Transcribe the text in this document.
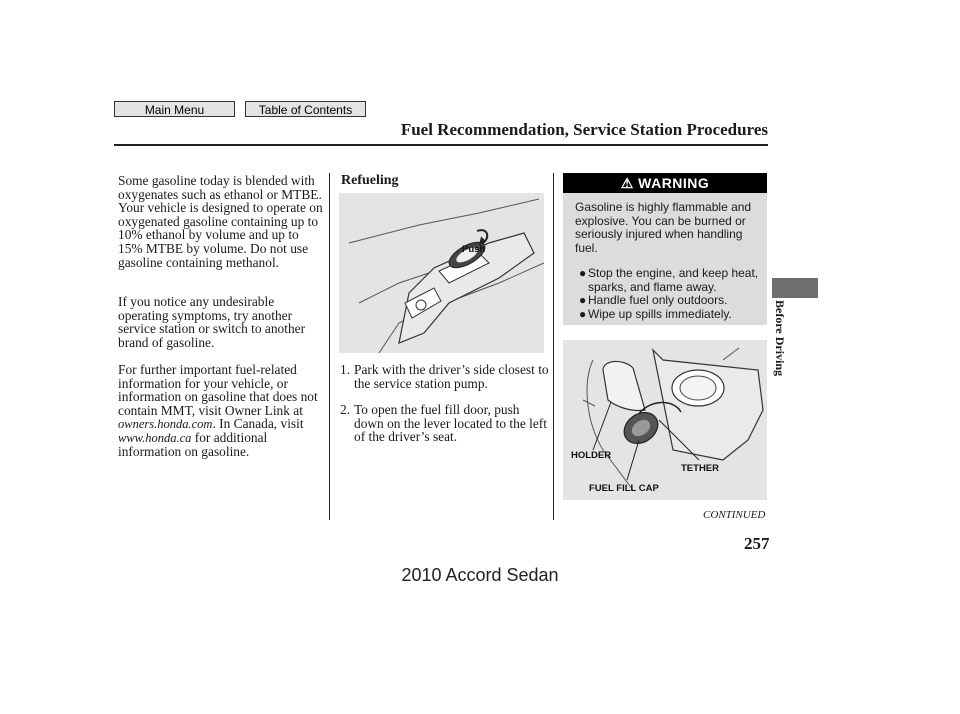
Main Menu	Table of Contents
Fuel Recommendation, Service Station Procedures
Before Driving

Some gasoline today is blended with oxygenates such as ethanol or MTBE. Your vehicle is designed to operate on oxygenated gasoline containing up to 10% ethanol by volume and up to 15% MTBE by volume. Do not use gasoline containing methanol.

If you notice any undesirable operating symptoms, try another service station or switch to another brand of gasoline.

For further important fuel-related information for your vehicle, or information on gasoline that does not contain MMT, visit Owner Link at

owners.honda.com. In Canada, visit
www.honda.ca for additional
information on gasoline.
Refueling
Push
1. Park with the driver’s side closest to the service station pump.
2. To open the fuel fill door, push down on the lever located to the left of the driver’s seat.
⚠ WARNING

Gasoline is highly flammable and explosive. You can be burned or seriously injured when handling fuel.

● Stop the engine, and keep heat, sparks, and flame away.
● Handle fuel only outdoors.
● Wipe up spills immediately.
HOLDER
TETHER
FUEL FILL CAP
CONTINUED
257
2010 Accord Sedan
